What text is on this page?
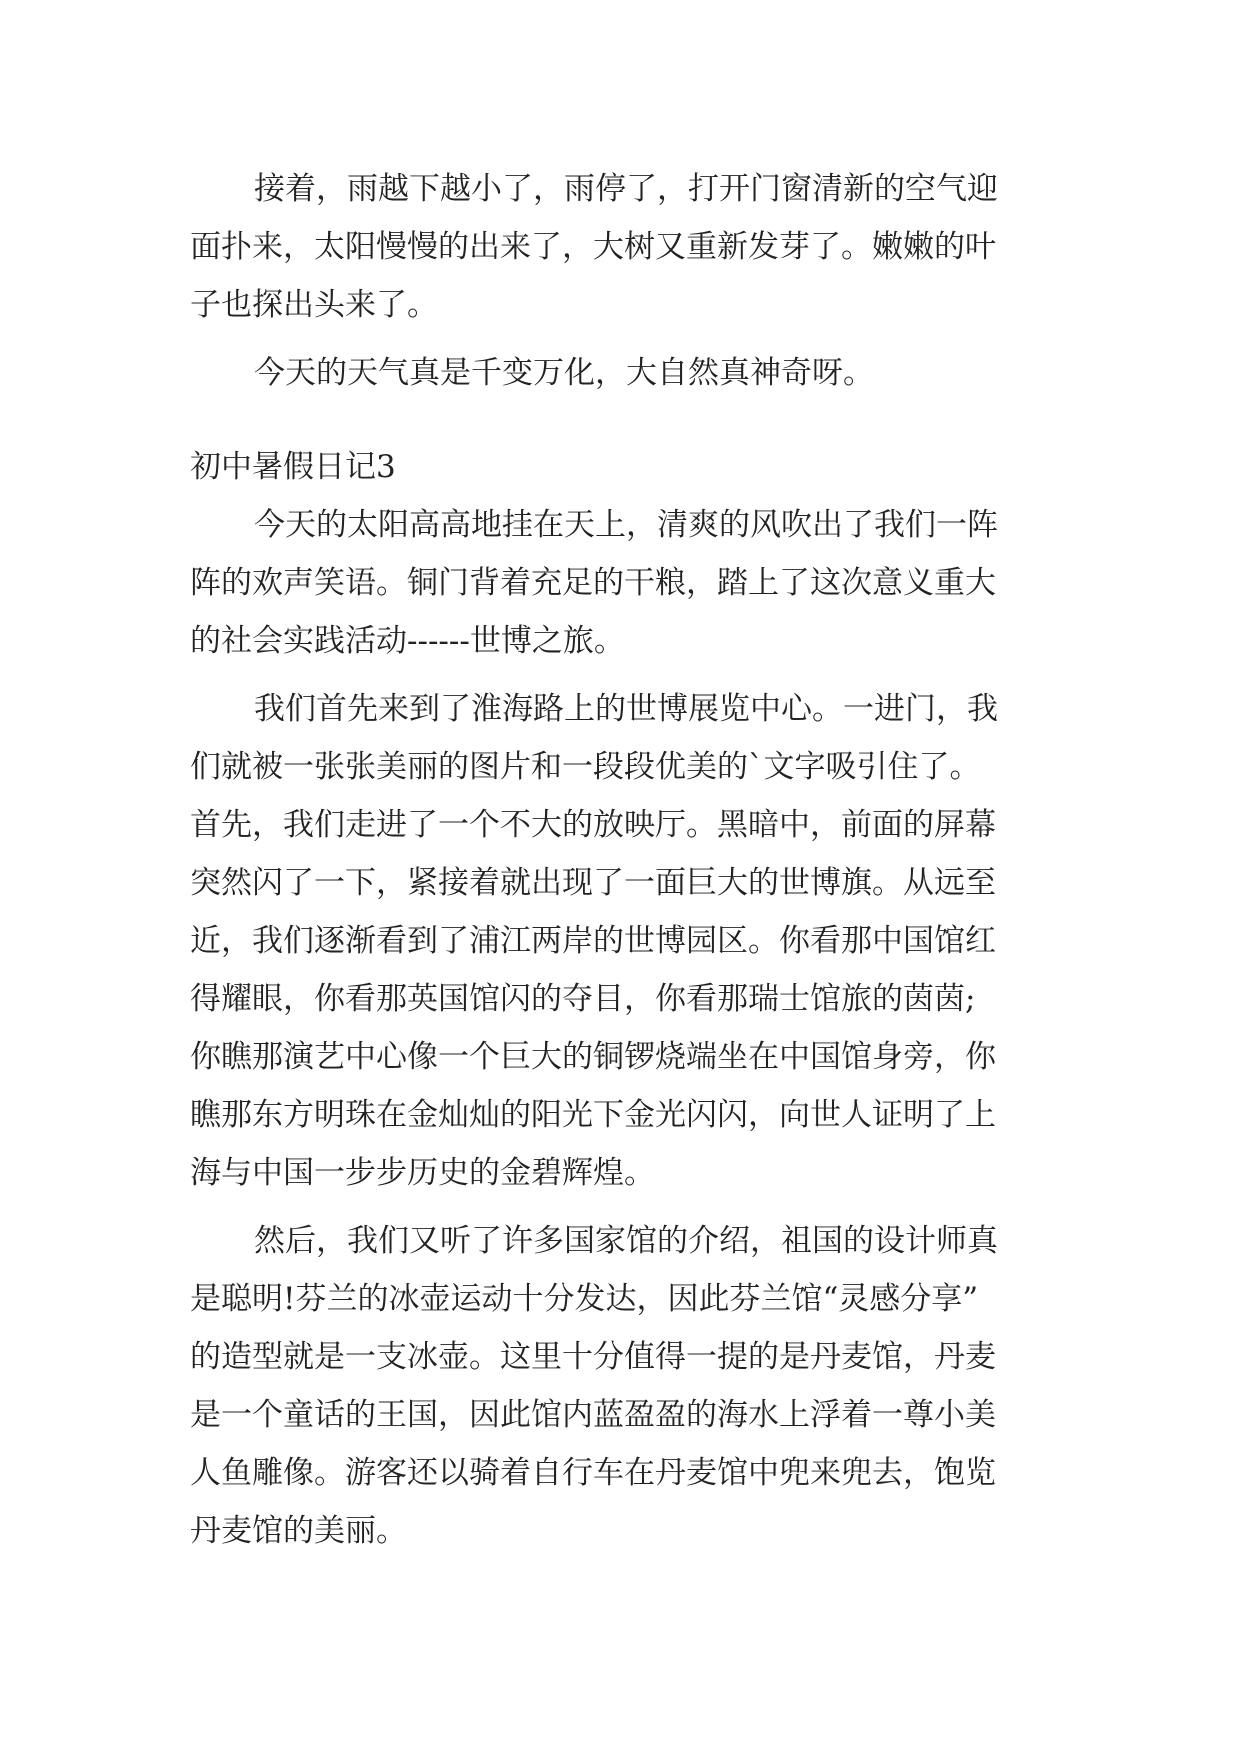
接着，雨越下越小了，雨停了，打开门窗清新的空气迎
面扑来，太阳慢慢的出来了，大树又重新发芽了。嫩嫩的叶
子也探出头来了。
今天的天气真是千变万化，大自然真神奇呀。
初中暑假日记3
今天的太阳高高地挂在天上，清爽的风吹出了我们一阵
阵的欢声笑语。铜门背着充足的干粮，踏上了这次意义重大
的社会实践活动------世博之旅。
我们首先来到了淮海路上的世博展览中心。一进门，我
们就被一张张美丽的图片和一段段优美的`文字吸引住了。
首先，我们走进了一个不大的放映厅。黑暗中，前面的屏幕
突然闪了一下，紧接着就出现了一面巨大的世博旗。从远至
近，我们逐渐看到了浦江两岸的世博园区。你看那中国馆红
得耀眼，你看那英国馆闪的夺目，你看那瑞士馆旅的茵茵;
你瞧那演艺中心像一个巨大的铜锣烧端坐在中国馆身旁，你
瞧那东方明珠在金灿灿的阳光下金光闪闪，向世人证明了上
海与中国一步步历史的金碧辉煌。
然后，我们又听了许多国家馆的介绍，祖国的设计师真
是聪明!芬兰的冰壶运动十分发达，因此芬兰馆“灵感分享”
的造型就是一支冰壶。这里十分值得一提的是丹麦馆，丹麦
是一个童话的王国，因此馆内蓝盈盈的海水上浮着一尊小美
人鱼雕像。游客还以骑着自行车在丹麦馆中兜来兜去，饱览
丹麦馆的美丽。
